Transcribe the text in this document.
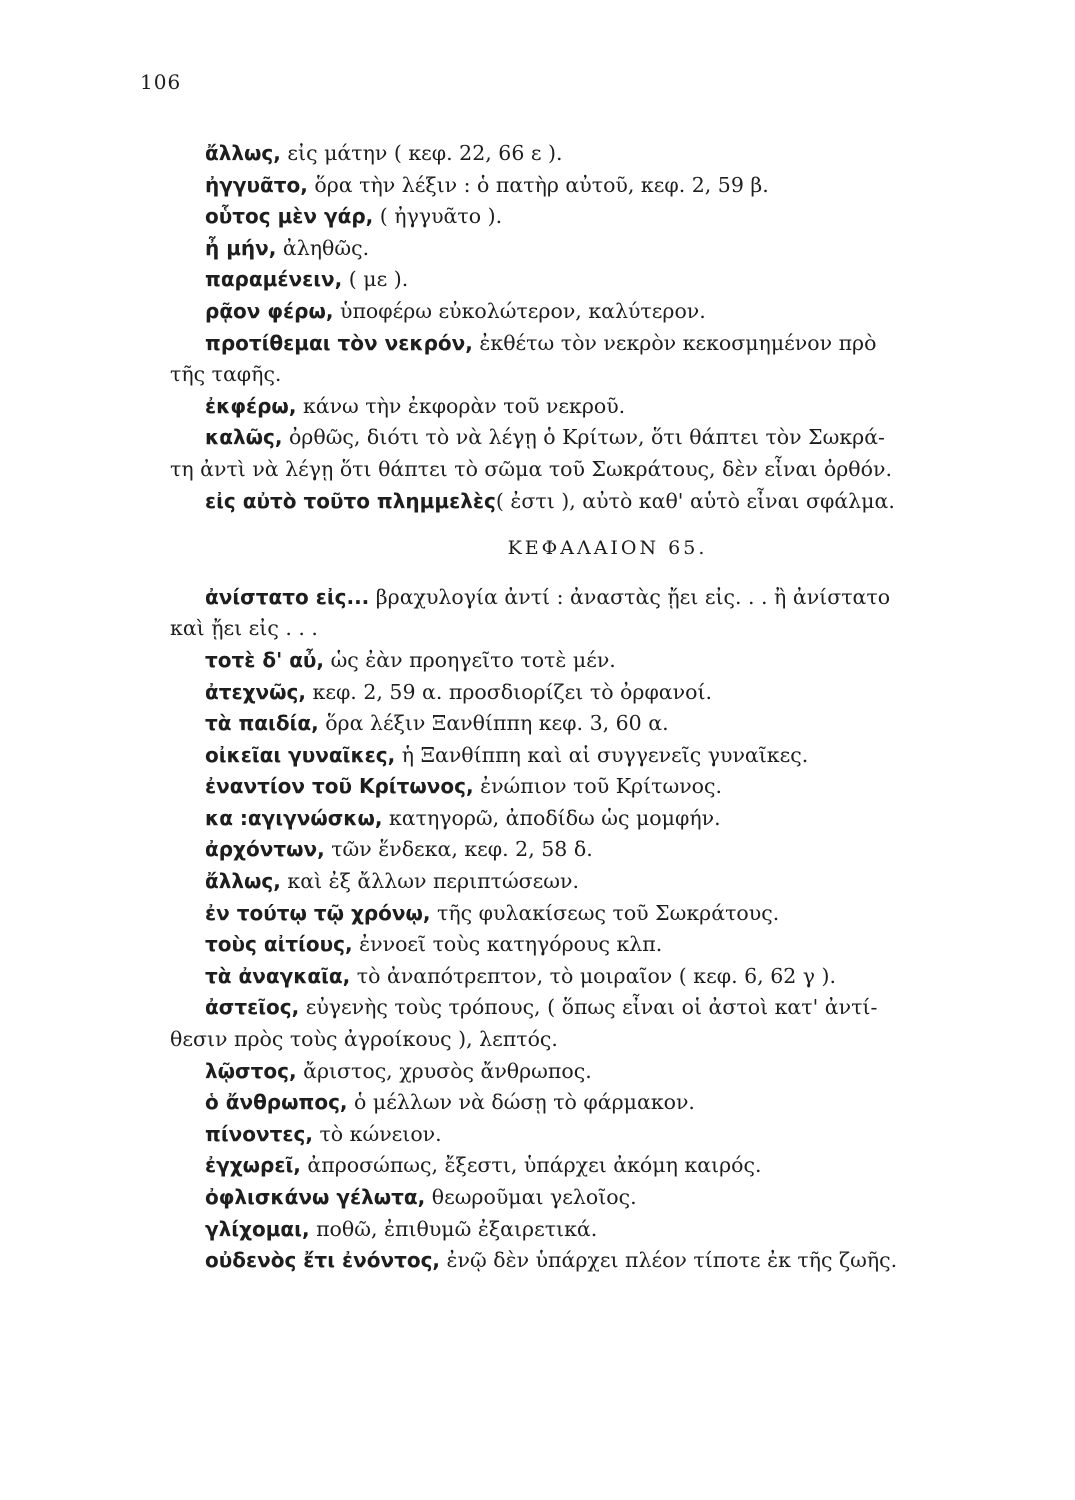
106
ἄλλως, εἰς μάτην ( κεφ. 22, 66 ε ).
ἠγγυᾶτο, ὅρα τὴν λέξιν : ὁ πατὴρ αὐτοῦ, κεφ. 2, 59 β.
οὗτος μὲν γάρ, ( ἠγγυᾶτο ).
ἦ μήν, ἀληθῶς.
παραμένειν, ( με ).
ρᾷον φέρω, ὑποφέρω εὐκολώτερον, καλύτερον.
προτίθεμαι τὸν νεκρόν, ἐκθέτω τὸν νεκρὸν κεκοσμημένον πρὸ
τῆς ταφῆς.
ἐκφέρω, κάνω τὴν ἐκφορὰν τοῦ νεκροῦ.
καλῶς, ὀρθῶς, διότι τὸ νὰ λέγῃ ὁ Κρίτων, ὅτι θάπτει τὸν Σωκρά-
τη ἀντὶ νὰ λέγῃ ὅτι θάπτει τὸ σῶμα τοῦ Σωκράτους, δὲν εἶναι ὀρθόν.
εἰς αὐτὸ τοῦτο πλημμελὲς( ἐστι ), αὐτὸ καθ' αὑτὸ εἶναι σφάλμα.
ΚΕΦΑΛΑΙΟΝ 65.
ἀνίστατο εἰς... βραχυλογία ἀντί : ἀναστὰς ᾔει εἰς. . . ἢ ἀνίστατο
καὶ ᾔει εἰς . . .
τοτὲ δ' αὖ, ὡς ἐὰν προηγεῖτο τοτὲ μέν.
ἀτεχνῶς, κεφ. 2, 59 α. προσδιορίζει τὸ ὀρφανοί.
τὰ παιδία, ὅρα λέξιν Ξανθίππη κεφ. 3, 60 α.
οἰκεῖαι γυναῖκες, ἡ Ξανθίππη καὶ αἱ συγγενεῖς γυναῖκες.
ἐναντίον τοῦ Κρίτωνος, ἐνώπιον τοῦ Κρίτωνος.
κα :αγιγνώσκω, κατηγορῶ, ἀποδίδω ὡς μομφήν.
ἀρχόντων, τῶν ἕνδεκα, κεφ. 2, 58 δ.
ἄλλως, καὶ ἐξ ἄλλων περιπτώσεων.
ἐν τούτῳ τῷ χρόνῳ, τῆς φυλακίσεως τοῦ Σωκράτους.
τοὺς αἰτίους, ἐννοεῖ τοὺς κατηγόρους κλπ.
τὰ ἀναγκαῖα, τὸ ἀναπότρεπτον, τὸ μοιραῖον ( κεφ. 6, 62 γ ).
ἀστεῖος, εὐγενὴς τοὺς τρόπους, ( ὅπως εἶναι οἱ ἀστοὶ κατ' ἀντί-
θεσιν πρὸς τοὺς ἀγροίκους ), λεπτός.
λῷστος, ἄριστος, χρυσὸς ἄνθρωπος.
ὁ ἄνθρωπος, ὁ μέλλων νὰ δώσῃ τὸ φάρμακον.
πίνοντες, τὸ κώνειον.
ἐγχωρεῖ, ἀπροσώπως, ἔξεστι, ὑπάρχει ἀκόμη καιρός.
ὀφλισκάνω γέλωτα, θεωροῦμαι γελοῖος.
γλίχομαι, ποθῶ, ἐπιθυμῶ ἐξαιρετικά.
οὐδενὸς ἔτι ἐνόντος, ἐνῷ δὲν ὑπάρχει πλέον τίποτε ἐκ τῆς ζωῆς.
